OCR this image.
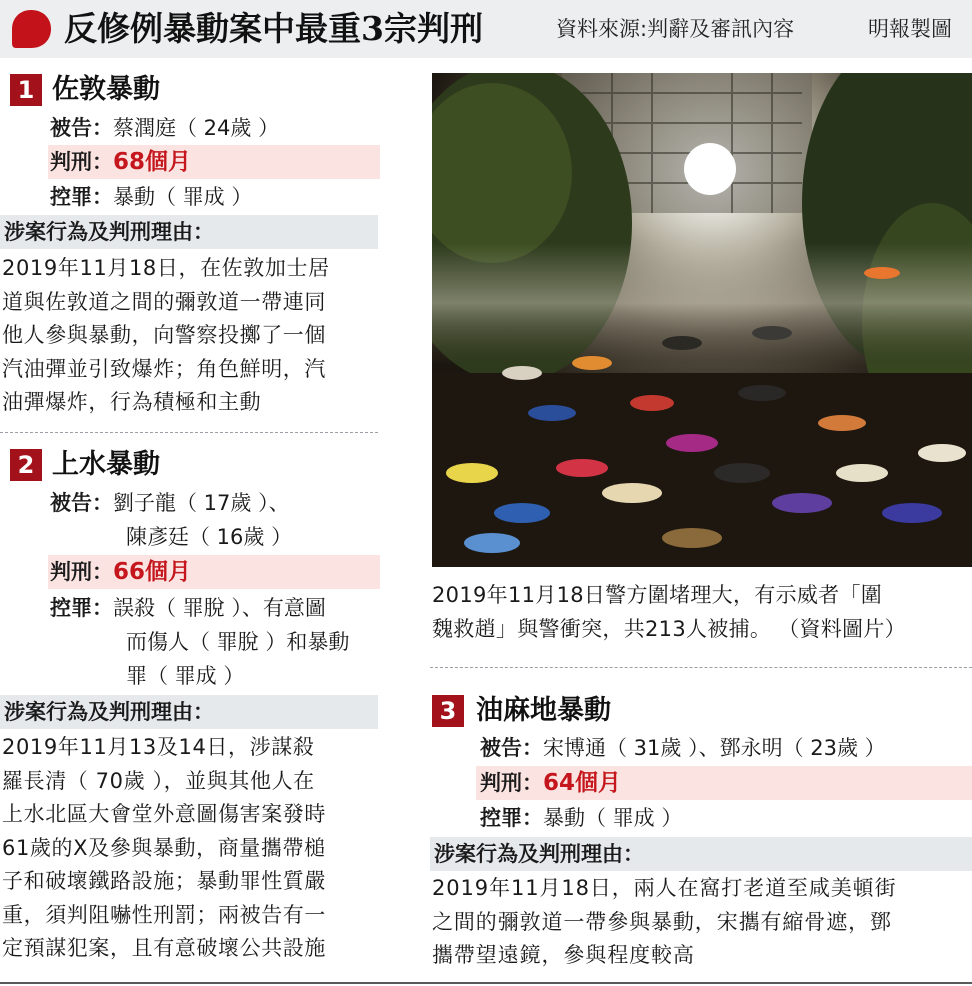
反修例暴動案中最重3宗判刑	資料來源:判辭及審訊內容	明報製圖
1 佐敦暴動
被告：蔡潤庭（ 24歲 ）
判刑：68個月
控罪：暴動（ 罪成 ）
涉案行為及判刑理由：
2019年11月18日，在佐敦加士居
道與佐敦道之間的彌敦道一帶連同
他人參與暴動，向警察投擲了一個
汽油彈並引致爆炸；角色鮮明，汽
油彈爆炸，行為積極和主動
2 上水暴動
被告：劉子龍（ 17歲 ）、
陳彥廷（ 16歲 ）
判刑：66個月
控罪：誤殺（ 罪脫 ）、有意圖
而傷人（ 罪脫 ）和暴動
罪（ 罪成 ）
涉案行為及判刑理由：
2019年11月13及14日，涉謀殺
羅長清（ 70歲 ），並與其他人在
上水北區大會堂外意圖傷害案發時
61歲的X及參與暴動，商量攜帶槌
子和破壞鐵路設施；暴動罪性質嚴
重，須判阻嚇性刑罰；兩被告有一
定預謀犯案，且有意破壞公共設施
2019年11月18日警方圍堵理大，有示威者「圍
魏救趙」與警衝突，共213人被捕。 （資料圖片）
3 油麻地暴動
被告：宋博通（ 31歲 ）、鄧永明（ 23歲 ）
判刑：64個月
控罪：暴動（ 罪成 ）
涉案行為及判刑理由：
2019年11月18日，兩人在窩打老道至咸美頓街
之間的彌敦道一帶參與暴動，宋攜有縮骨遮，鄧
攜帶望遠鏡，參與程度較高
